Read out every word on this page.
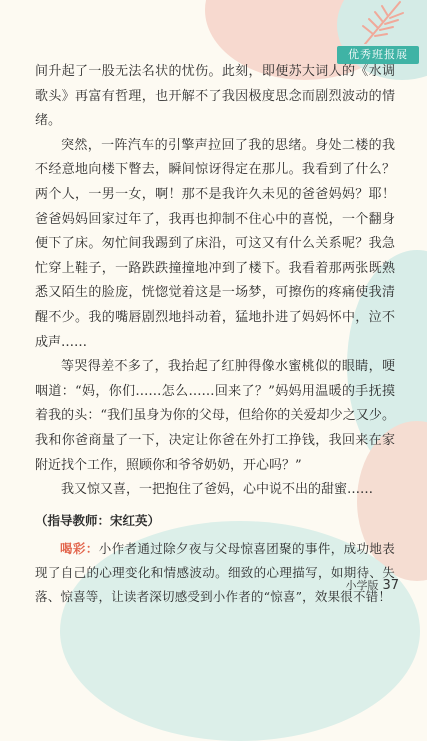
优秀班报展

间升起了一股无法名状的忧伤。此刻，即便苏大词人的《水调歌头》再富有哲理，也开解不了我因极度思念而剧烈波动的情绪。

突然，一阵汽车的引擎声拉回了我的思绪。身处二楼的我不经意地向楼下瞥去，瞬间惊讶得定在那儿。我看到了什么？两个人，一男一女，啊！那不是我许久未见的爸爸妈妈？耶！爸爸妈妈回家过年了，我再也抑制不住心中的喜悦，一个翻身便下了床。匆忙间我踢到了床沿，可这又有什么关系呢？我急忙穿上鞋子，一路跌跌撞撞地冲到了楼下。我看着那两张既熟悉又陌生的脸庞，恍惚觉着这是一场梦，可擦伤的疼痛使我清醒不少。我的嘴唇剧烈地抖动着，猛地扑进了妈妈怀中，泣不成声……

等哭得差不多了，我抬起了红肿得像水蜜桃似的眼睛，哽咽道：“妈，你们……怎么……回来了？”妈妈用温暖的手抚摸着我的头：“我们虽身为你的父母，但给你的关爱却少之又少。我和你爸商量了一下，决定让你爸在外打工挣钱，我回来在家附近找个工作，照顾你和爷爷奶奶，开心吗？”

我又惊又喜，一把抱住了爸妈，心中说不出的甜蜜……

（指导教师：宋红英）

喝彩：小作者通过除夕夜与父母惊喜团聚的事件，成功地表现了自己的心理变化和情感波动。细致的心理描写，如期待、失落、惊喜等，让读者深切感受到小作者的“惊喜”，效果很不错！

小学版 37
